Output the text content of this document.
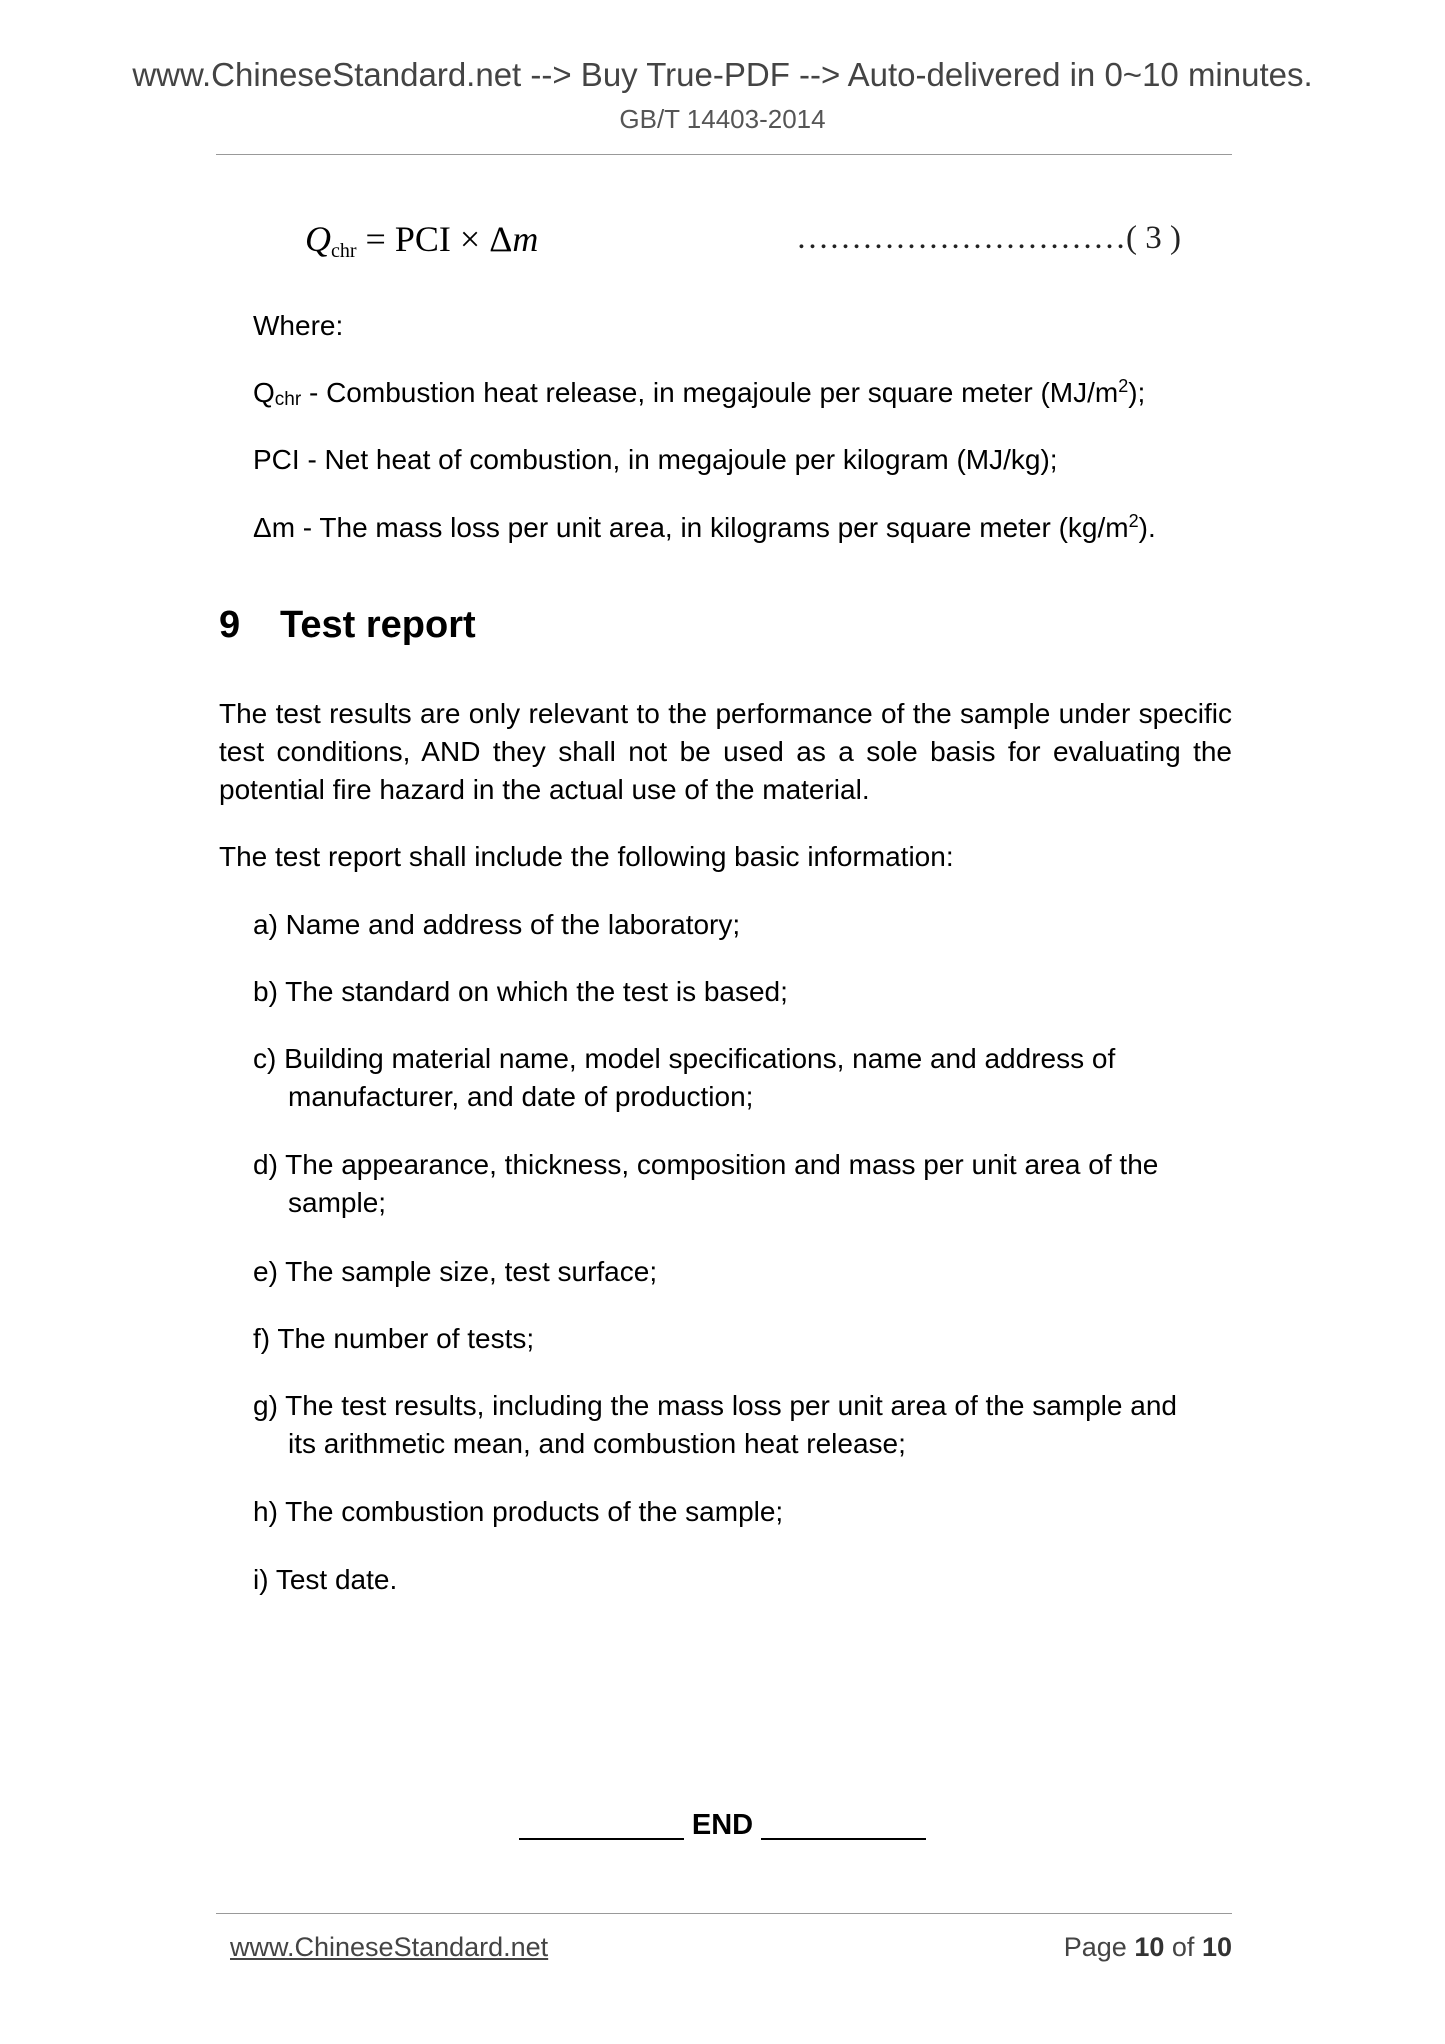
www.ChineseStandard.net --> Buy True-PDF --> Auto-delivered in 0~10 minutes.
GB/T 14403-2014
$Q_{chr}$ = PCI × Δm	…………………………( 3 )
Where:
Qchr - Combustion heat release, in megajoule per square meter $(MJ/m^2)$;
PCI - Net heat of combustion, in megajoule per kilogram (MJ/kg);
Δm - The mass loss per unit area, in kilograms per square meter $(kg/m^2)$.
9 Test report
The test results are only relevant to the performance of the sample under specific test conditions, AND they shall not be used as a sole basis for evaluating the potential fire hazard in the actual use of the material.
The test report shall include the following basic information:
a) Name and address of the laboratory;
b) The standard on which the test is based;
c) Building material name, model specifications, name and address of
manufacturer, and date of production;
d) The appearance, thickness, composition and mass per unit area of the
sample;
e) The sample size, test surface;
f) The number of tests;
g) The test results, including the mass loss per unit area of the sample and
its arithmetic mean, and combustion heat release;
h) The combustion products of the sample;
i) Test date.
END
www.ChineseStandard.net	Page 10 of 10
